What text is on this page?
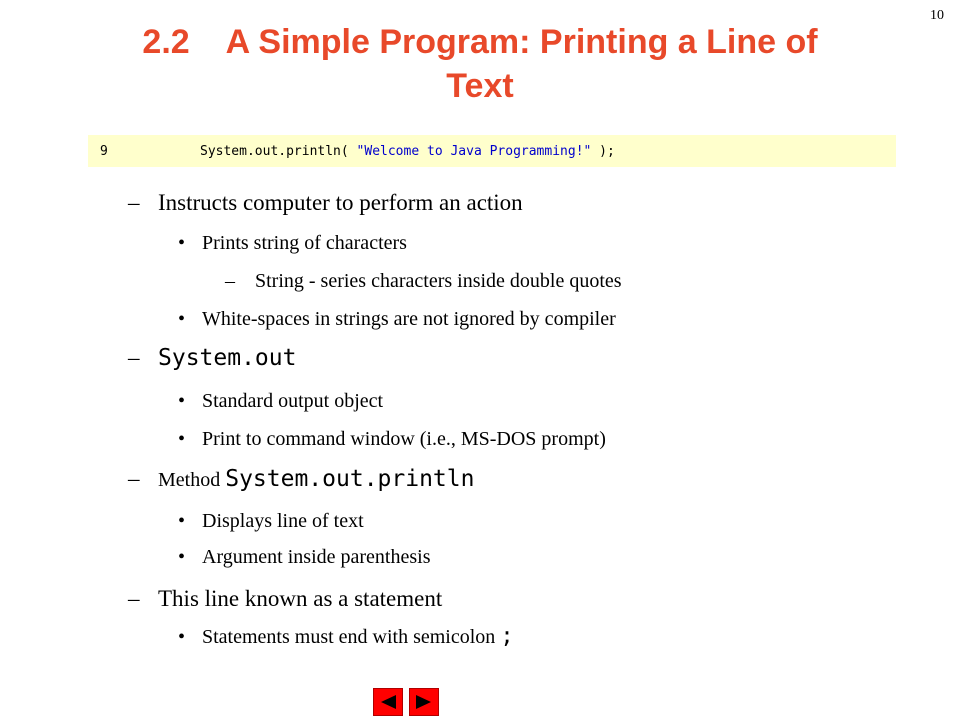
10
2.2 A Simple Program: Printing a Line of
Text
9	System.out.println( "Welcome to Java Programming!" );
– Instructs computer to perform an action
• Prints string of characters
– String - series characters inside double quotes
• White-spaces in strings are not ignored by compiler
– System.out
• Standard output object
• Print to command window (i.e., MS-DOS prompt)
– Method System.out.println
• Displays line of text
• Argument inside parenthesis
– This line known as a statement
• Statements must end with semicolon ;
